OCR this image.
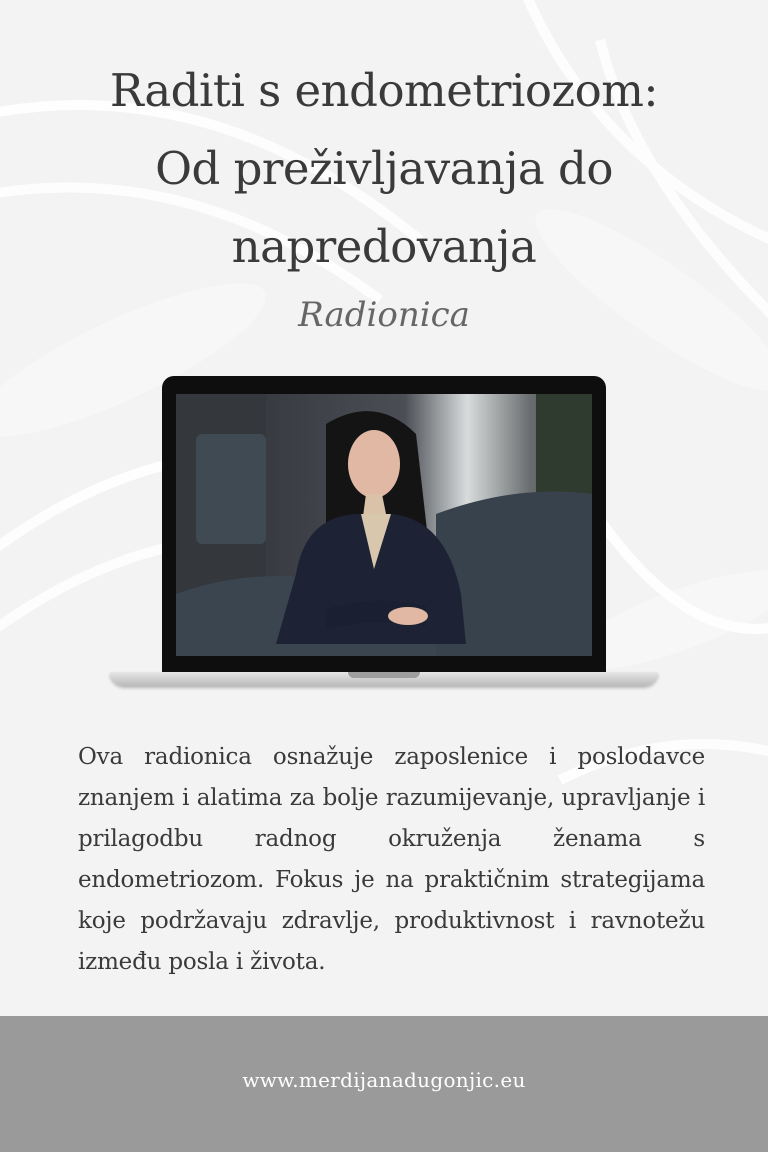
Raditi s endometriozom:
Od preživljavanja do
napredovanja
Radionica

Ova radionica osnažuje zaposlenice i poslodavce znanjem i alatima za bolje razumijevanje, upravljanje i prilagodbu radnog okruženja ženama s endometriozom. Fokus je na praktičnim strategijama koje podržavaju zdravlje, produktivnost i ravnotežu između posla i života.

www.merdijanadugonjic.eu
